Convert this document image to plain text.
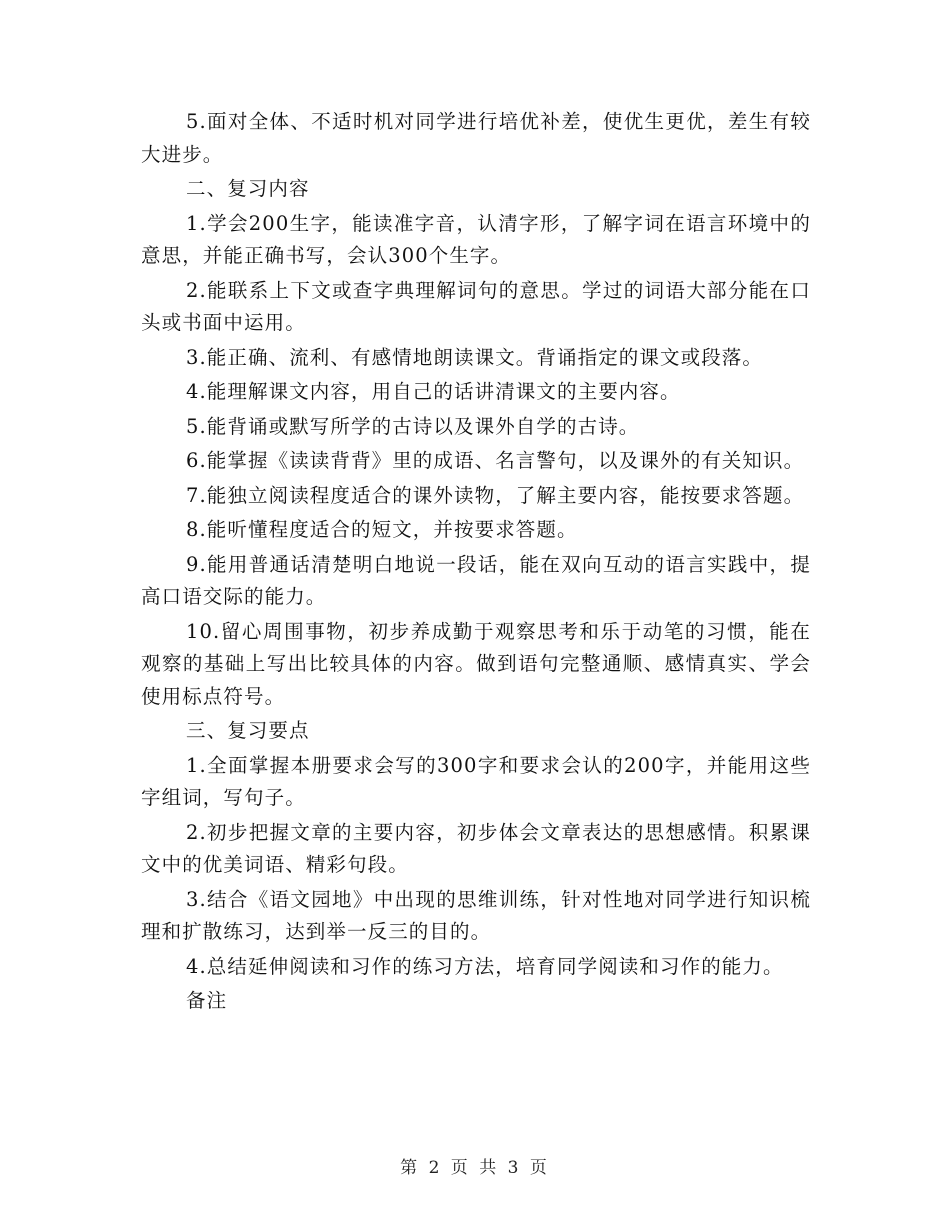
5.面对全体、不适时机对同学进行培优补差，使优生更优，差生有较大进步。

二、复习内容

1.学会200生字，能读准字音，认清字形，了解字词在语言环境中的意思，并能正确书写，会认300个生字。

2.能联系上下文或查字典理解词句的意思。学过的词语大部分能在口头或书面中运用。

3.能正确、流利、有感情地朗读课文。背诵指定的课文或段落。

4.能理解课文内容，用自己的话讲清课文的主要内容。

5.能背诵或默写所学的古诗以及课外自学的古诗。

6.能掌握《读读背背》里的成语、名言警句，以及课外的有关知识。

7.能独立阅读程度适合的课外读物，了解主要内容，能按要求答题。

8.能听懂程度适合的短文，并按要求答题。

9.能用普通话清楚明白地说一段话，能在双向互动的语言实践中，提高口语交际的能力。

10.留心周围事物，初步养成勤于观察思考和乐于动笔的习惯，能在观察的基础上写出比较具体的内容。做到语句完整通顺、感情真实、学会使用标点符号。

三、复习要点

1.全面掌握本册要求会写的300字和要求会认的200字，并能用这些字组词，写句子。

2.初步把握文章的主要内容，初步体会文章表达的思想感情。积累课文中的优美词语、精彩句段。

3.结合《语文园地》中出现的思维训练，针对性地对同学进行知识梳理和扩散练习，达到举一反三的目的。

4.总结延伸阅读和习作的练习方法，培育同学阅读和习作的能力。

备注

第 2 页 共 3 页
